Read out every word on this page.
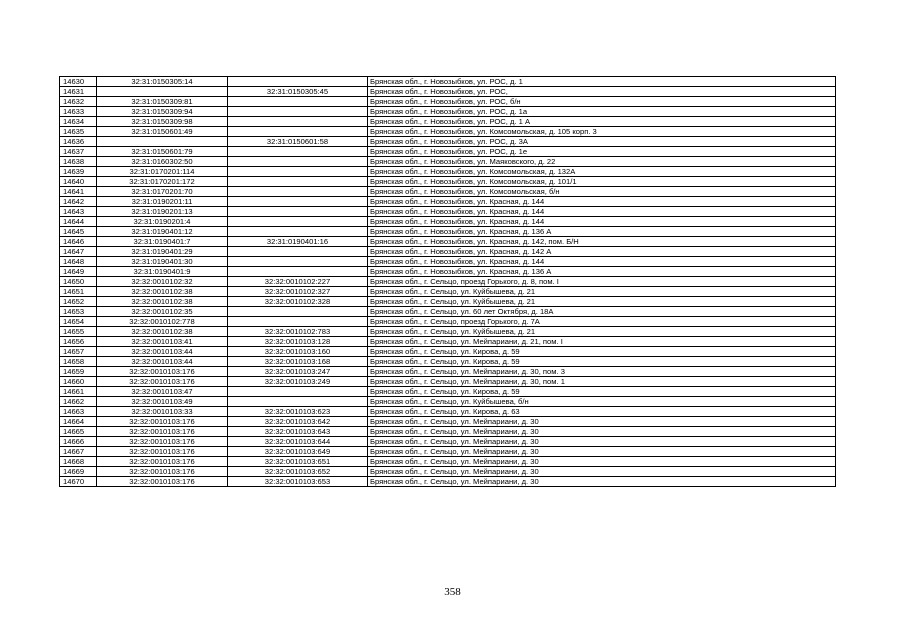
14630	32:31:0150305:14		Брянская обл., г. Новозыбков, ул. РОС, д. 1
14631		32:31:0150305:45	Брянская обл., г. Новозыбков, ул. РОС,
14632	32:31:0150309:81		Брянская обл., г. Новозыбков, ул. РОС, б/н
14633	32:31:0150309:94		Брянская обл., г. Новозыбков, ул. РОС, д. 1а
14634	32:31:0150309:98		Брянская обл., г. Новозыбков, ул. РОС, д. 1 А
14635	32:31:0150601:49		Брянская обл., г. Новозыбков, ул. Комсомольская, д. 105 корп. 3
14636		32:31:0150601:58	Брянская обл., г. Новозыбков, ул. РОС, д. 3А
14637	32:31:0150601:79		Брянская обл., г. Новозыбков, ул. РОС, д. 1е
14638	32:31:0160302:50		Брянская обл., г. Новозыбков, ул. Маяковского, д. 22
14639	32:31:0170201:114		Брянская обл., г. Новозыбков, ул. Комсомольская, д. 132А
14640	32:31:0170201:172		Брянская обл., г. Новозыбков, ул. Комсомольская, д. 101/1
14641	32:31:0170201:70		Брянская обл., г. Новозыбков, ул. Комсомольская, б/н
14642	32:31:0190201:11		Брянская обл., г. Новозыбков, ул. Красная, д. 144
14643	32:31:0190201:13		Брянская обл., г. Новозыбков, ул. Красная, д. 144
14644	32:31:0190201:4		Брянская обл., г. Новозыбков, ул. Красная, д. 144
14645	32:31:0190401:12		Брянская обл., г. Новозыбков, ул. Красная, д. 136 А
14646	32:31:0190401:7	32:31:0190401:16	Брянская обл., г. Новозыбков, ул. Красная, д. 142, пом. Б/Н
14647	32:31:0190401:29		Брянская обл., г. Новозыбков, ул. Красная, д. 142 А
14648	32:31:0190401:30		Брянская обл., г. Новозыбков, ул. Красная, д. 144
14649	32:31:0190401:9		Брянская обл., г. Новозыбков, ул. Красная, д. 136 А
14650	32:32:0010102:32	32:32:0010102:227	Брянская обл., г. Сельцо, проезд Горького, д. 8, пом. I
14651	32:32:0010102:38	32:32:0010102:327	Брянская обл., г. Сельцо, ул. Куйбышева, д. 21
14652	32:32:0010102:38	32:32:0010102:328	Брянская обл., г. Сельцо, ул. Куйбышева, д. 21
14653	32:32:0010102:35		Брянская обл., г. Сельцо, ул. 60 лет Октября, д. 18А
14654	32:32:0010102:778		Брянская обл., г. Сельцо, проезд Горького, д. 7А
14655	32:32:0010102:38	32:32:0010102:783	Брянская обл., г. Сельцо, ул. Куйбышева, д. 21
14656	32:32:0010103:41	32:32:0010103:128	Брянская обл., г. Сельцо, ул. Мейпариани, д. 21, пом. I
14657	32:32:0010103:44	32:32:0010103:160	Брянская обл., г. Сельцо, ул. Кирова, д. 59
14658	32:32:0010103:44	32:32:0010103:168	Брянская обл., г. Сельцо, ул. Кирова, д. 59
14659	32:32:0010103:176	32:32:0010103:247	Брянская обл., г. Сельцо, ул. Мейпариани, д. 30, пом. 3
14660	32:32:0010103:176	32:32:0010103:249	Брянская обл., г. Сельцо, ул. Мейпариани, д. 30, пом. 1
14661	32:32:0010103:47		Брянская обл., г. Сельцо, ул. Кирова, д. 59
14662	32:32:0010103:49		Брянская обл., г. Сельцо, ул. Куйбышева, б/н
14663	32:32:0010103:33	32:32:0010103:623	Брянская обл., г. Сельцо, ул. Кирова, д. 63
14664	32:32:0010103:176	32:32:0010103:642	Брянская обл., г. Сельцо, ул. Мейпариани, д. 30
14665	32:32:0010103:176	32:32:0010103:643	Брянская обл., г. Сельцо, ул. Мейпариани, д. 30
14666	32:32:0010103:176	32:32:0010103:644	Брянская обл., г. Сельцо, ул. Мейпариани, д. 30
14667	32:32:0010103:176	32:32:0010103:649	Брянская обл., г. Сельцо, ул. Мейпариани, д. 30
14668	32:32:0010103:176	32:32:0010103:651	Брянская обл., г. Сельцо, ул. Мейпариани, д. 30
14669	32:32:0010103:176	32:32:0010103:652	Брянская обл., г. Сельцо, ул. Мейпариани, д. 30
14670	32:32:0010103:176	32:32:0010103:653	Брянская обл., г. Сельцо, ул. Мейпариани, д. 30
358
